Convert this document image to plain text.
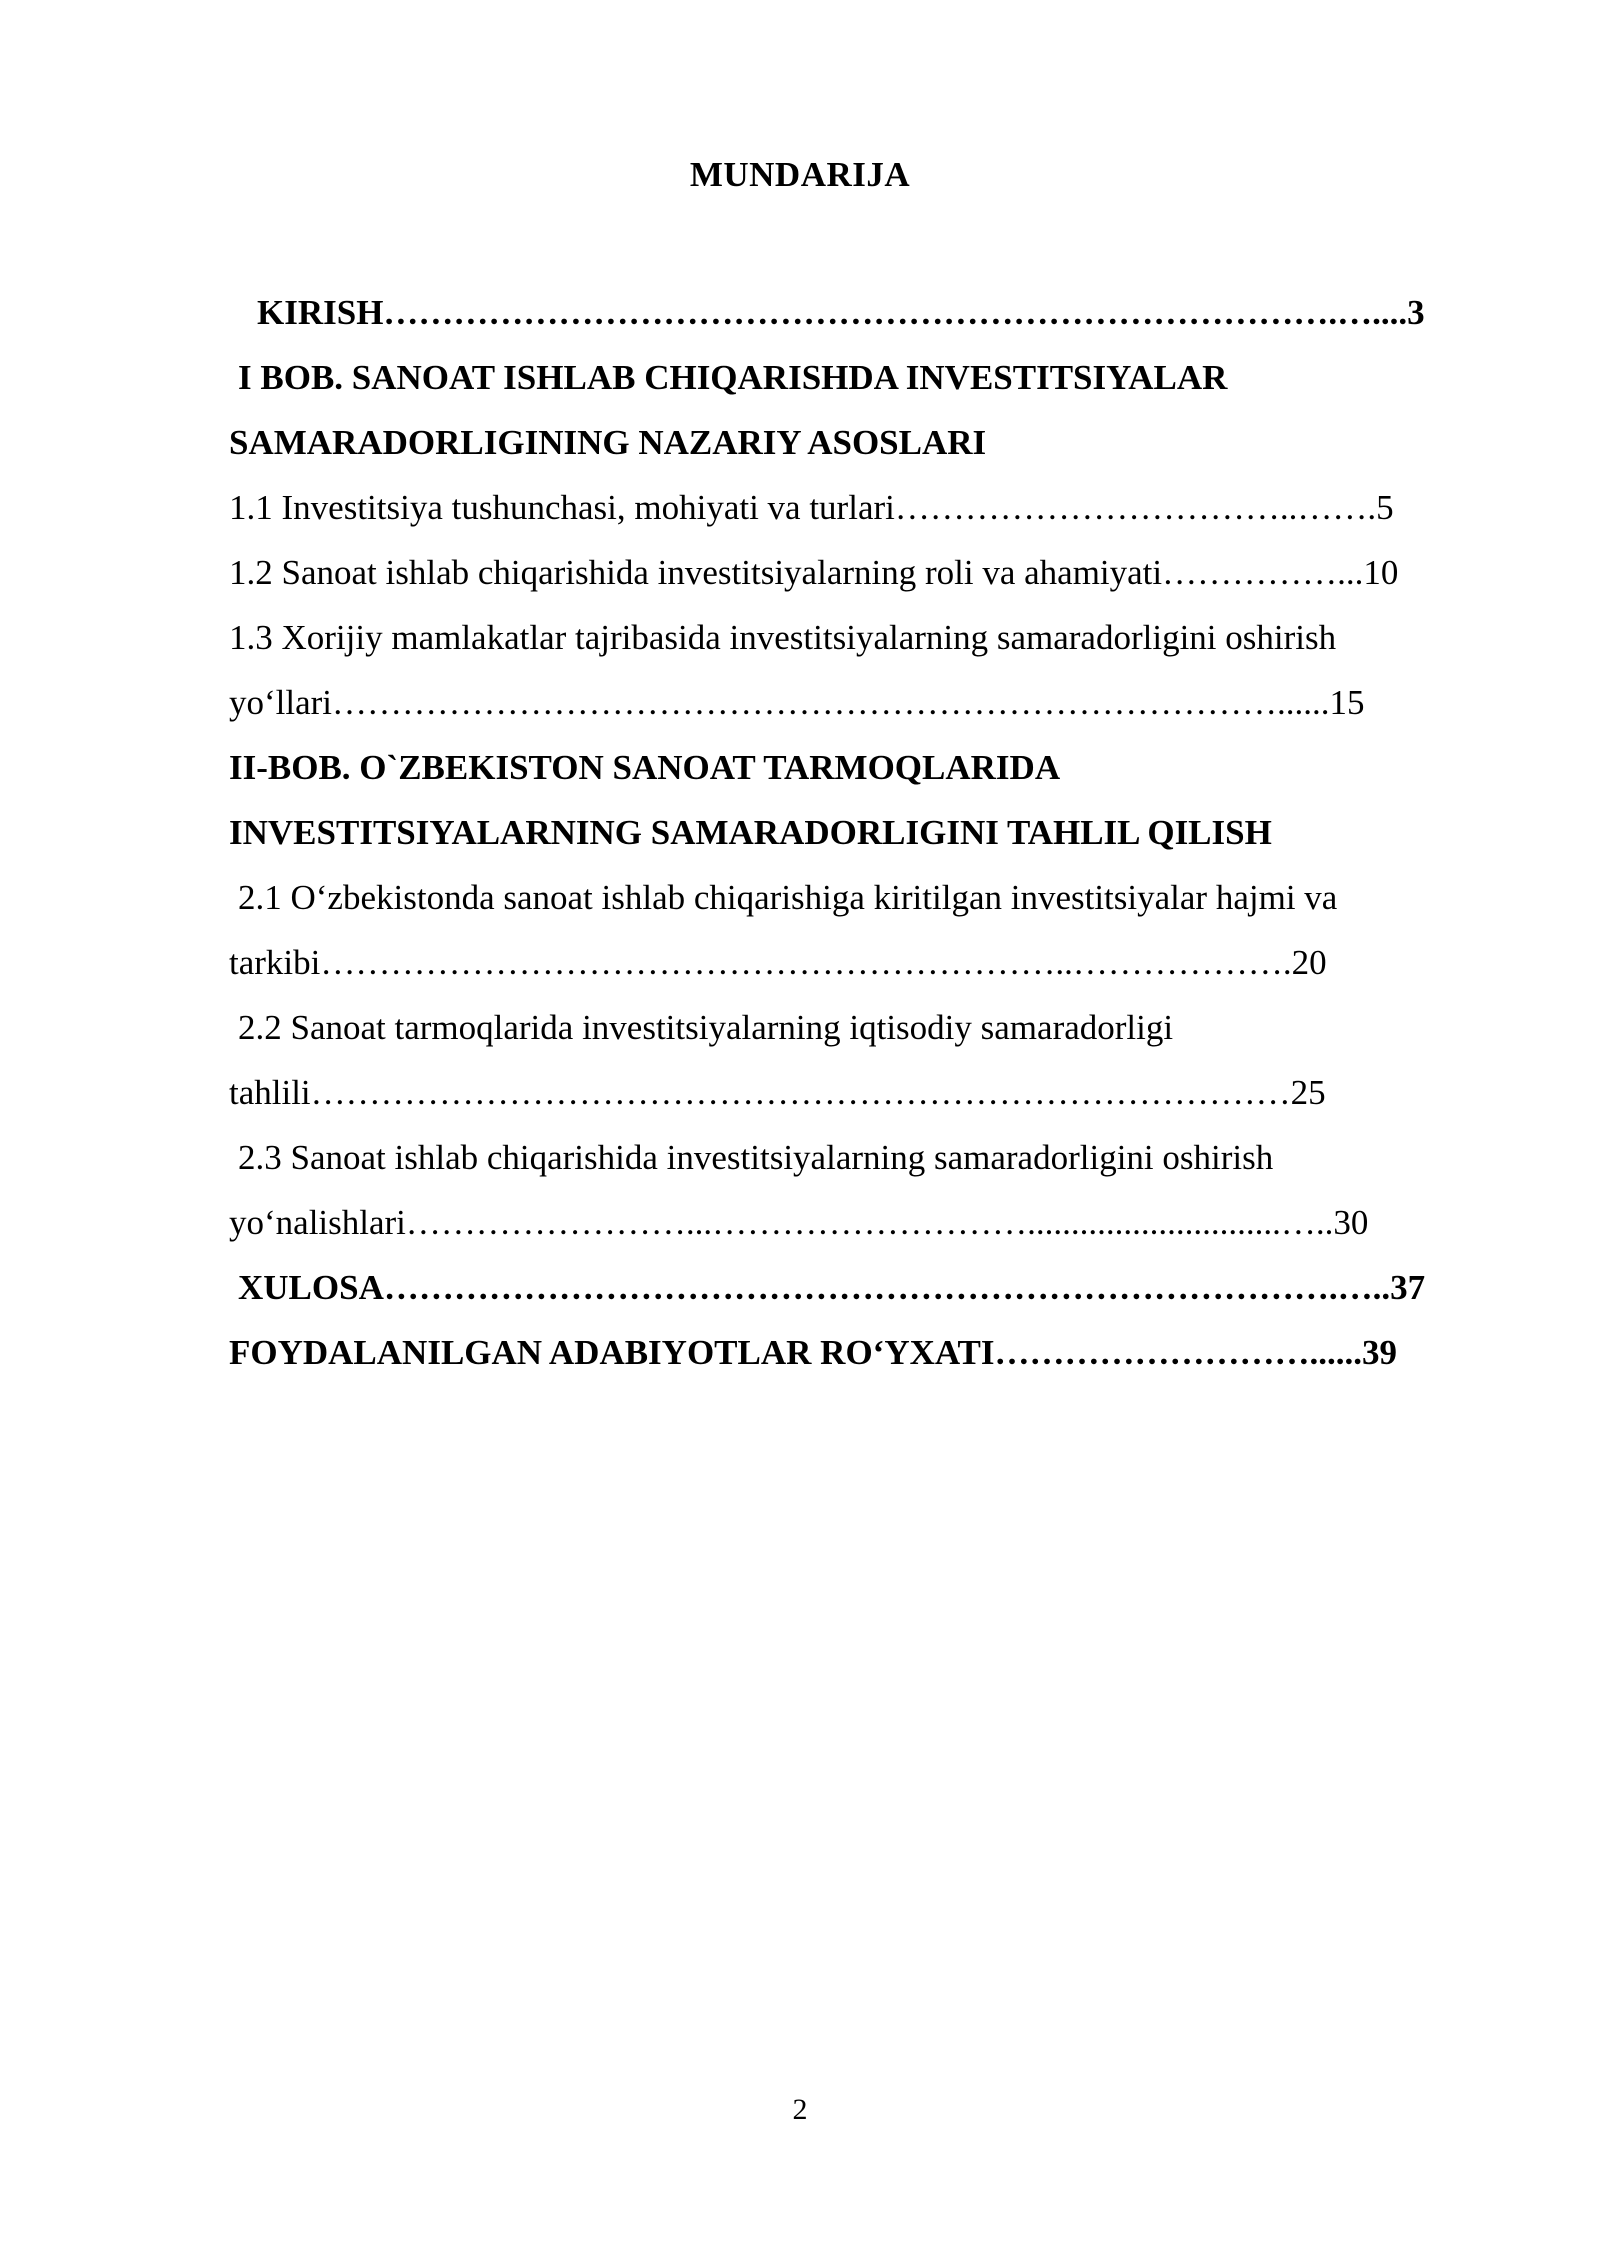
MUNDARIJA
KIRISH……………………………………………………………………….…....3
I BOB. SANOAT ISHLAB CHIQARISHDA INVESTITSIYALAR
SAMARADORLIGINING NAZARIY ASOSLARI
1.1 Investitsiya tushunchasi, mohiyati va turlari……………………………..…….5
1.2 Sanoat ishlab chiqarishida investitsiyalarning roli va ahamiyati……………...10
1.3 Xorijiy mamlakatlar tajribasida investitsiyalarning samaradorligini oshirish
yo‘llari………………………………………………………………………......15
II-BOB. O`ZBEKISTON SANOAT TARMOQLARIDA
INVESTITSIYALARNING SAMARADORLIGINI TAHLIL QILISH
2.1 O‘zbekistonda sanoat ishlab chiqarishiga kiritilgan investitsiyalar hajmi va
tarkibi………………………………………………………..……………….20
2.2 Sanoat tarmoqlarida investitsiyalarning iqtisodiy samaradorligi
tahlili…………………………………………………………………………25
2.3 Sanoat ishlab chiqarishida investitsiyalarning samaradorligini oshirish
yo‘nalishlari……………………...……………………….............................…..30
XULOSA……………………………………………………………………….…..37
FOYDALANILGAN ADABIYOTLAR RO‘YXATI………………………......39
2
